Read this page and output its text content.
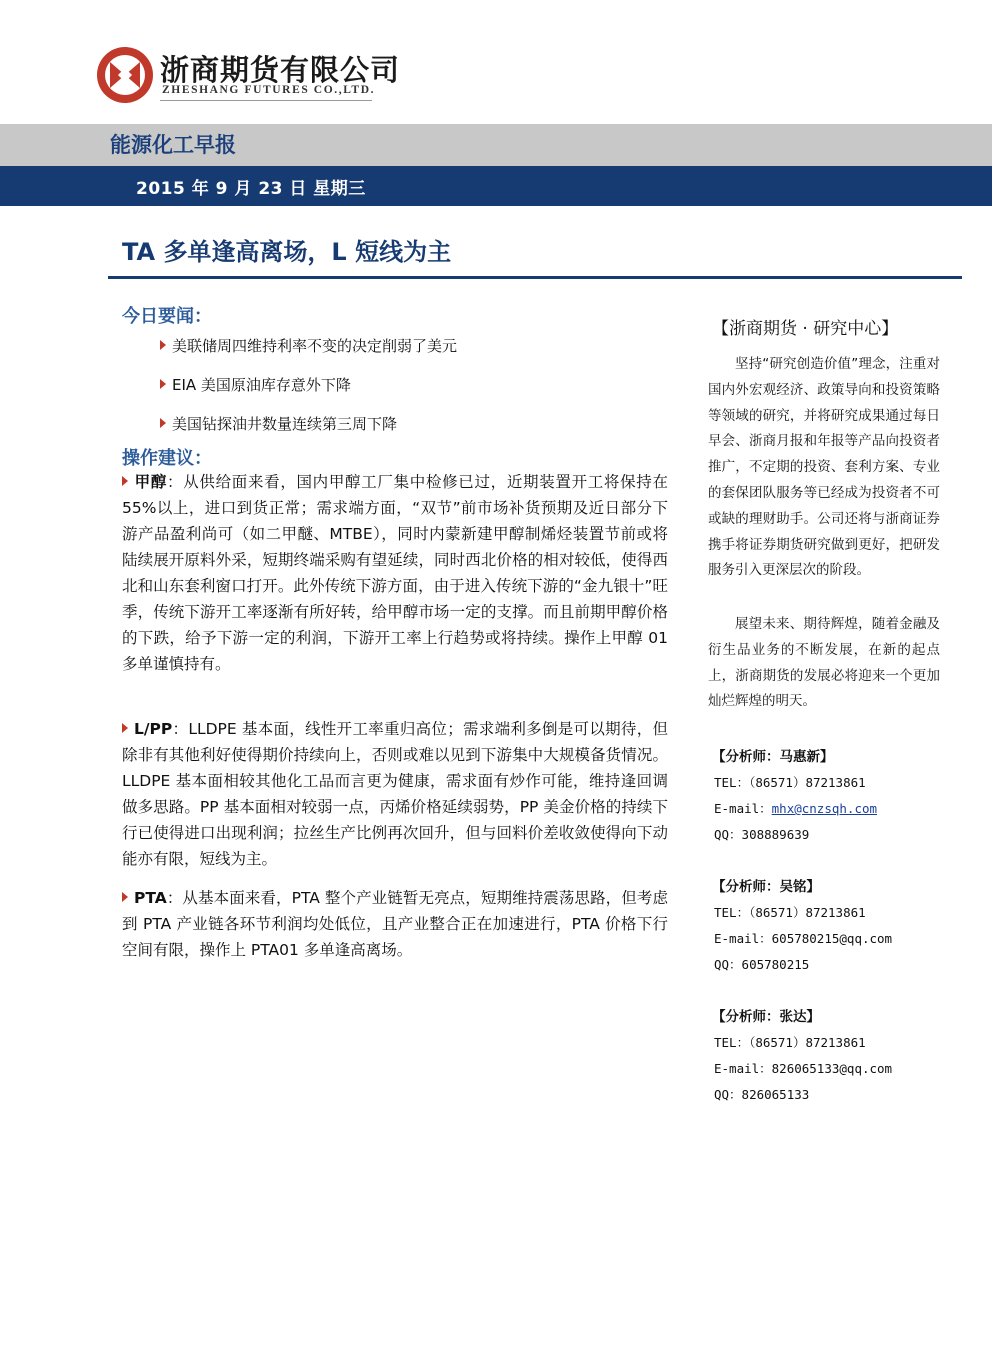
浙商期货有限公司
ZHESHANG FUTURES CO.,LTD.
能源化工早报
2015 年 9 月 23 日 星期三
TA 多单逢高离场，L 短线为主
今日要闻：
美联储周四维持利率不变的决定削弱了美元
EIA 美国原油库存意外下降
美国钻探油井数量连续第三周下降
操作建议：
甲醇：从供给面来看，国内甲醇工厂集中检修已过，近期装置开工将保持在 55%以上，进口到货正常；需求端方面，“双节”前市场补货预期及近日部分下游产品盈利尚可（如二甲醚、MTBE），同时内蒙新建甲醇制烯烃装置节前或将陆续展开原料外采，短期终端采购有望延续，同时西北价格的相对较低，使得西北和山东套利窗口打开。此外传统下游方面，由于进入传统下游的“金九银十”旺季，传统下游开工率逐渐有所好转，给甲醇市场一定的支撑。而且前期甲醇价格的下跌，给予下游一定的利润，下游开工率上行趋势或将持续。操作上甲醇 01 多单谨慎持有。
L/PP：LLDPE 基本面，线性开工率重归高位；需求端利多倒是可以期待，但除非有其他利好使得期价持续向上，否则或难以见到下游集中大规模备货情况。LLDPE 基本面相较其他化工品而言更为健康，需求面有炒作可能，维持逢回调做多思路。PP 基本面相对较弱一点，丙烯价格延续弱势，PP 美金价格的持续下行已使得进口出现利润；拉丝生产比例再次回升，但与回料价差收敛使得向下动能亦有限，短线为主。
PTA：从基本面来看，PTA 整个产业链暂无亮点，短期维持震荡思路，但考虑到 PTA 产业链各环节利润均处低位，且产业整合正在加速进行，PTA 价格下行空间有限，操作上 PTA01 多单逢高离场。
【浙商期货 · 研究中心】
坚持“研究创造价值”理念，注重对国内外宏观经济、政策导向和投资策略等领域的研究，并将研究成果通过每日早会、浙商月报和年报等产品向投资者推广，不定期的投资、套利方案、专业的套保团队服务等已经成为投资者不可或缺的理财助手。公司还将与浙商证券携手将证券期货研究做到更好，把研发服务引入更深层次的阶段。
展望未来、期待辉煌，随着金融及衍生品业务的不断发展，在新的起点上，浙商期货的发展必将迎来一个更加灿烂辉煌的明天。
【分析师：马惠新】
TEL：（86571）87213861
E-mail：mhx@cnzsqh.com
QQ：308889639
【分析师：吴铭】
TEL：（86571）87213861
E-mail：605780215@qq.com
QQ：605780215
【分析师：张达】
TEL：（86571）87213861
E-mail：826065133@qq.com
QQ：826065133
